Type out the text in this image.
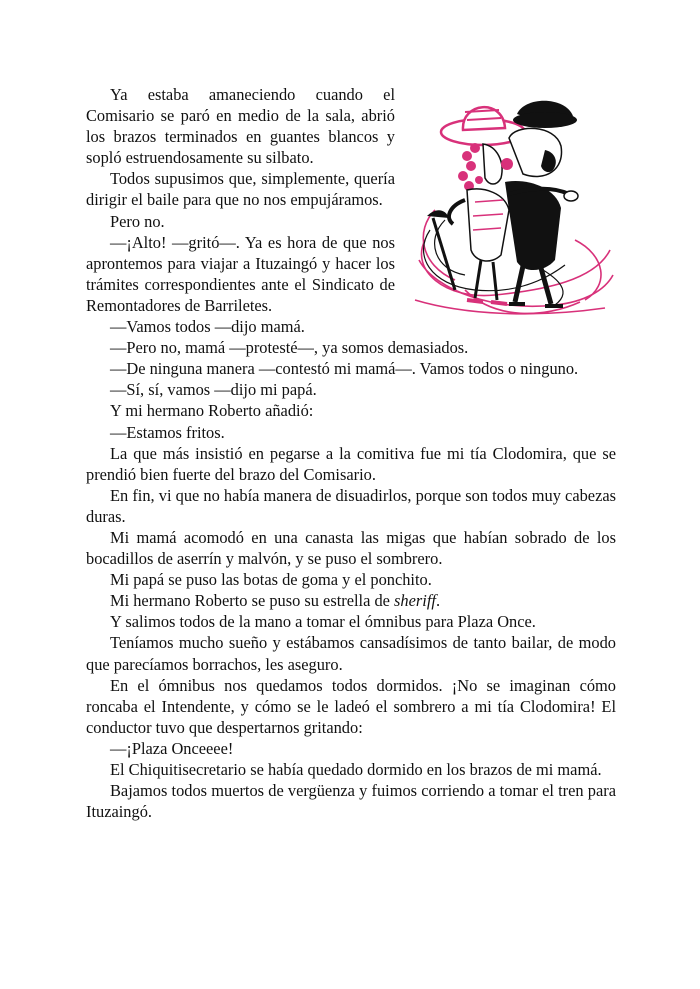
Ya estaba amaneciendo cuando el Comisario se paró en medio de la sala, abrió los brazos terminados en guantes blancos y sopló estruendosamente su silbato.

Todos supusimos que, simplemente, quería dirigir el baile para que no nos empujáramos.

Pero no.

—¡Alto! —gritó—. Ya es hora de que nos aprontemos para viajar a Ituzaingó y hacer los trámites correspondientes ante el Sindicato de Remontadores de Barriletes.

—Vamos todos —dijo mamá.

—Pero no, mamá —protesté—, ya somos demasiados.

—De ninguna manera —contestó mi mamá—. Vamos todos o ninguno.

—Sí, sí, vamos —dijo mi papá.

Y mi hermano Roberto añadió:

—Estamos fritos.

La que más insistió en pegarse a la comitiva fue mi tía Clodomira, que se prendió bien fuerte del brazo del Comisario.

En fin, vi que no había manera de disuadirlos, porque son todos muy cabezas duras.

Mi mamá acomodó en una canasta las migas que habían sobrado de los bocadillos de aserrín y malvón, y se puso el sombrero.

Mi papá se puso las botas de goma y el ponchito.

Mi hermano Roberto se puso su estrella de sheriff.

Y salimos todos de la mano a tomar el ómnibus para Plaza Once.

Teníamos mucho sueño y estábamos cansadísimos de tanto bailar, de modo que parecíamos borrachos, les aseguro.

En el ómnibus nos quedamos todos dormidos. ¡No se imaginan cómo roncaba el Intendente, y cómo se le ladeó el sombrero a mi tía Clodomira! El conductor tuvo que despertarnos gritando:

—¡Plaza Onceeee!

El Chiquitisecretario se había quedado dormido en los brazos de mi mamá.

Bajamos todos muertos de vergüenza y fuimos corriendo a tomar el tren para Ituzaingó.
